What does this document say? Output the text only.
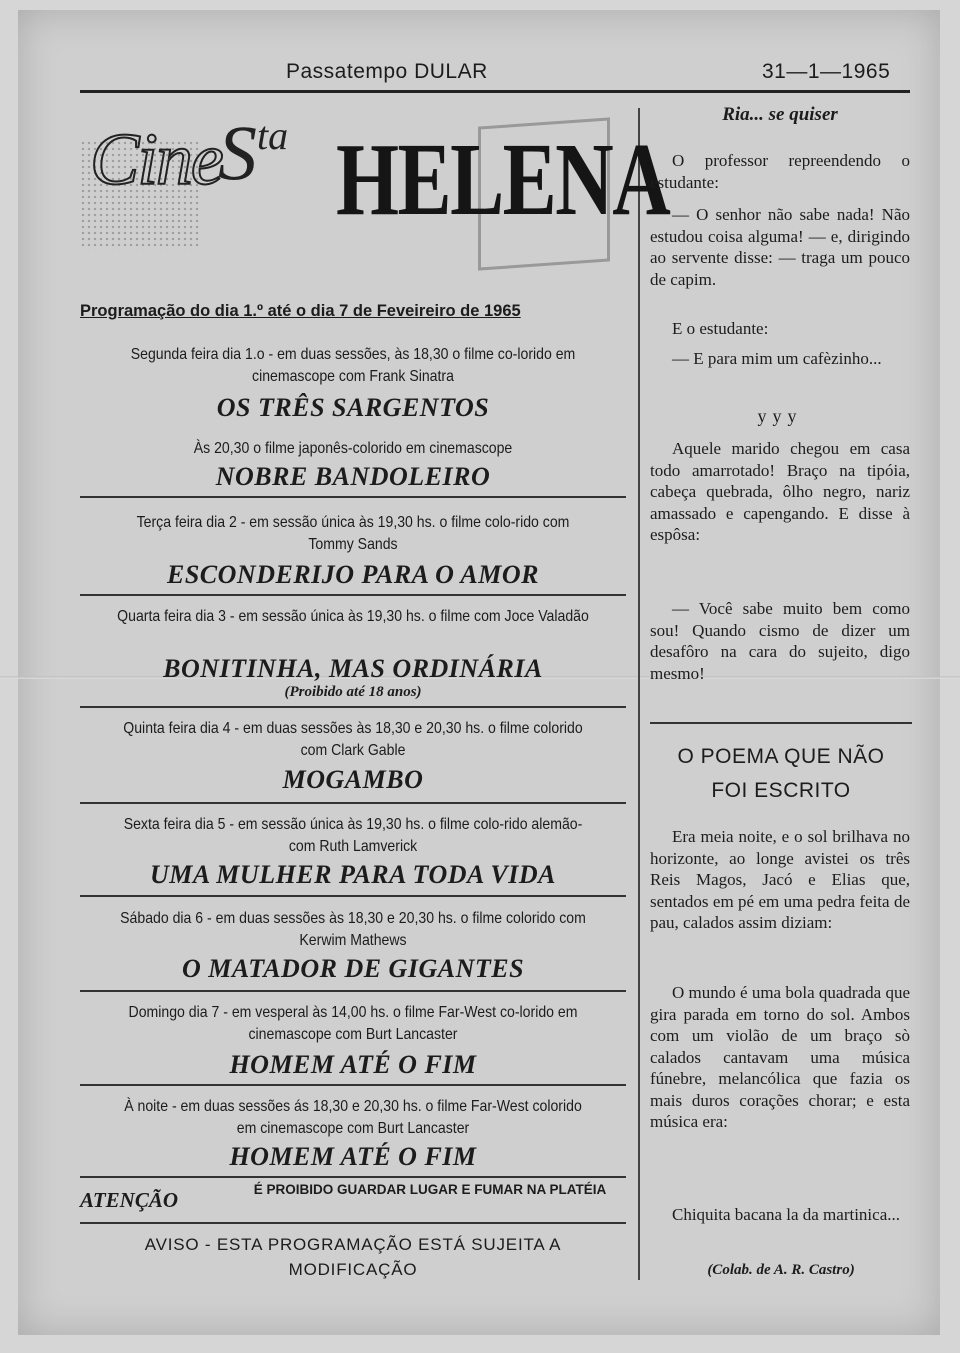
Passatempo DULAR	31—1—1965
Cine
$S^{ta}$ HELENA
Programação do dia 1.º até o dia 7 de Feveireiro de 1965
Segunda feira dia 1.o - em duas sessões, às 18,30 o filme co-lorido em cinemascope com Frank Sinatra
OS TRÊS SARGENTOS
Às 20,30 o filme japonês-colorido em cinemascope
NOBRE BANDOLEIRO
Terça feira dia 2 - em sessão única às 19,30 hs. o filme colo-rido com Tommy Sands
ESCONDERIJO PARA O AMOR
Quarta feira dia 3 - em sessão única às 19,30 hs. o filme com Joce Valadão
BONITINHA, MAS ORDINÁRIA
(Proibido até 18 anos)
Quinta feira dia 4 - em duas sessões às 18,30 e 20,30 hs. o filme colorido com Clark Gable
MOGAMBO
Sexta feira dia 5 - em sessão única às 19,30 hs. o filme colo-rido alemão-com Ruth Lamverick
UMA MULHER PARA TODA VIDA
Sábado dia 6 - em duas sessões às 18,30 e 20,30 hs. o filme colorido com Kerwim Mathews
O MATADOR DE GIGANTES
Domingo dia 7 - em vesperal às 14,00 hs. o filme Far-West co-lorido em cinemascope com Burt Lancaster
HOMEM ATÉ O FIM
À noite - em duas sessões ás 18,30 e 20,30 hs. o filme Far-West colorido em cinemascope com Burt Lancaster
HOMEM ATÉ O FIM
ATENÇÃO	É PROIBIDO GUARDAR LUGAR E FUMAR NA PLATÉIA
AVISO - ESTA PROGRAMAÇÃO ESTÁ SUJEITA A MODIFICAÇÃO
Ria... se quiser
O professor repreendendo o estudante:
— O senhor não sabe nada! Não estudou coisa alguma! — e, dirigindo ao servente disse: — traga um pouco de capim.
E o estudante:
— E para mim um cafèzinho...
yyy
Aquele marido chegou em casa todo amarrotado! Braço na tipóia, cabeça quebrada, ôlho negro, nariz amassado e capengando. E disse à espôsa:
— Você sabe muito bem como sou! Quando cismo de dizer um desafôro na cara do sujeito, digo mesmo!
O POEMA QUE NÃO
FOI ESCRITO
Era meia noite, e o sol brilhava no horizonte, ao longe avistei os três Reis Magos, Jacó e Elias que, sentados em pé em uma pedra feita de pau, calados assim diziam:
O mundo é uma bola quadrada que gira parada em torno do sol. Ambos com um violão de um braço sò calados cantavam uma música fúnebre, melancólica que fazia os mais duros corações chorar; e esta música era:
Chiquita bacana la da martinica...
(Colab. de A. R. Castro)
